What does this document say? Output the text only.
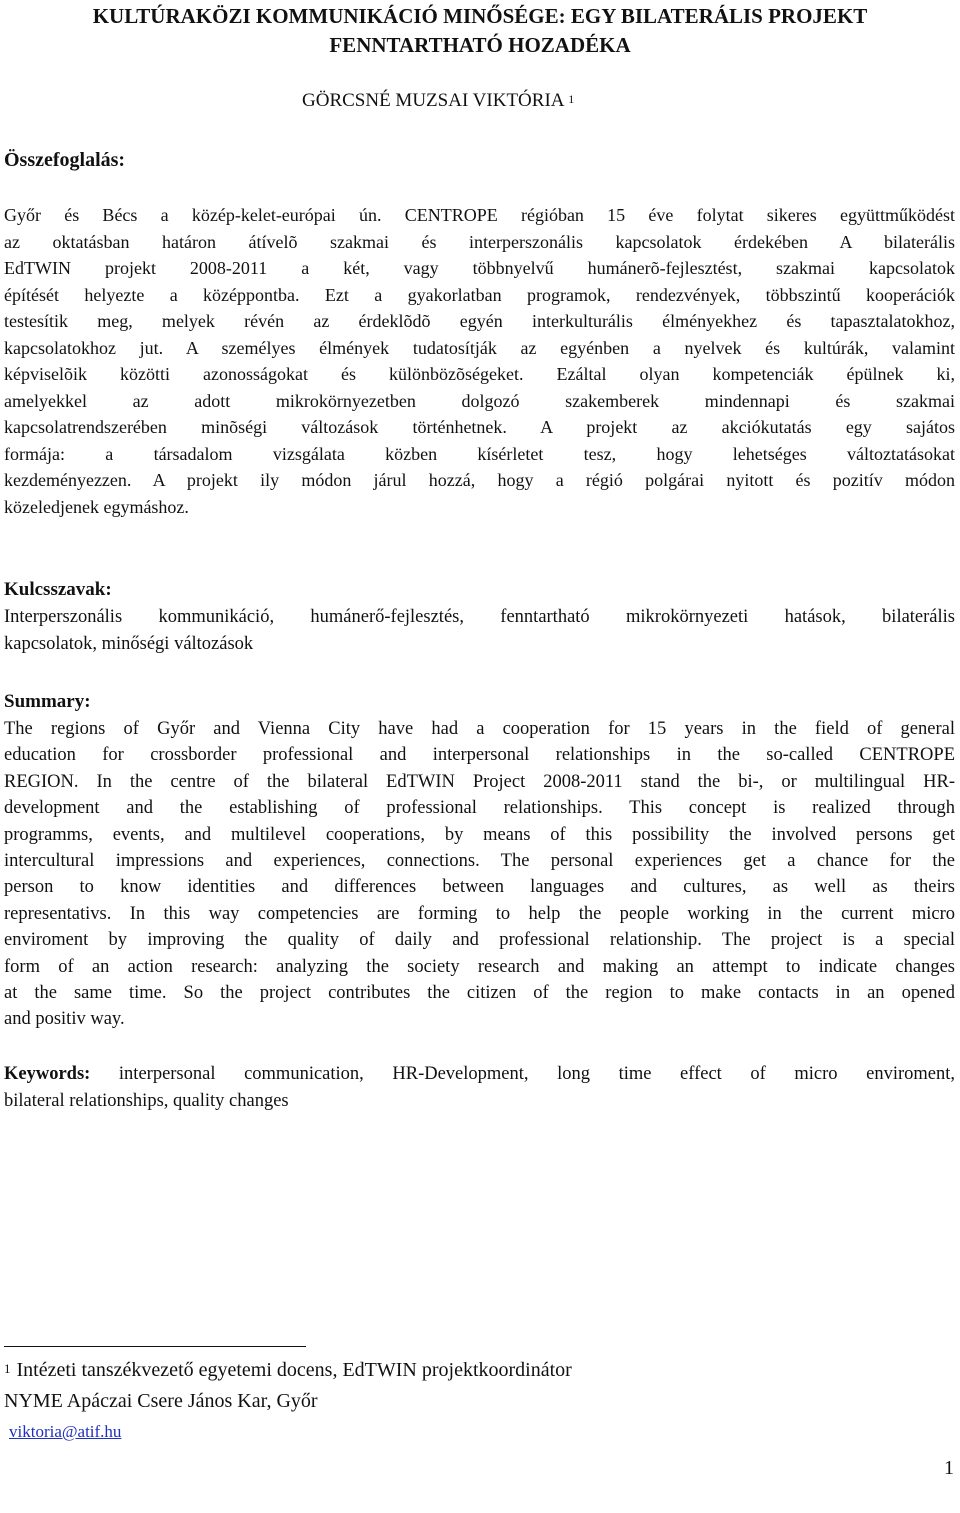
KULTÚRAKÖZI KOMMUNIKÁCIÓ MINŐSÉGE: EGY BILATERÁLIS PROJEKT
FENNTARTHATÓ HOZADÉKA
GÖRCSNÉ MUZSAI VIKTÓRIA $^1$
Összefoglalás:
Győr és Bécs a közép-kelet-európai ún. CENTROPE régióban 15 éve folytat sikeres együttműködést
az oktatásban határon átívelõ szakmai és interperszonális kapcsolatok érdekében A bilaterális
EdTWIN projekt 2008-2011 a két, vagy többnyelvű humánerõ-fejlesztést, szakmai kapcsolatok
építését helyezte a középpontba. Ezt a gyakorlatban programok, rendezvények, többszintű kooperációk
testesítik meg, melyek révén az érdeklõdõ egyén interkulturális élményekhez és tapasztalatokhoz,
kapcsolatokhoz jut. A személyes élmények tudatosítják az egyénben a nyelvek és kultúrák, valamint
képviselõik közötti azonosságokat és különbözõségeket. Ezáltal olyan kompetenciák épülnek ki,
amelyekkel az adott mikrokörnyezetben dolgozó szakemberek mindennapi és szakmai
kapcsolatrendszerében minõségi változások történhetnek. A projekt az akciókutatás egy sajátos
formája: a társadalom vizsgálata közben kísérletet tesz, hogy lehetséges változtatásokat
kezdeményezzen. A projekt ily módon járul hozzá, hogy a régió polgárai nyitott és pozitív módon
közeledjenek egymáshoz.
Kulcsszavak:
Interperszonális kommunikáció, humánerő-fejlesztés, fenntartható mikrokörnyezeti hatások, bilaterális
kapcsolatok, minőségi változások
Summary:
The regions of Győr and Vienna City have had a cooperation for 15 years in the field of general
education for crossborder professional and interpersonal relationships in the so-called CENTROPE
REGION. In the centre of the bilateral EdTWIN Project 2008-2011 stand the bi-, or multilingual HR-
development and the establishing of professional relationships. This concept is realized through
programms, events, and multilevel cooperations, by means of this possibility the involved persons get
intercultural impressions and experiences, connections. The personal experiences get a chance for the
person to know identities and differences between languages and cultures, as well as theirs
representativs. In this way competencies are forming to help the people working in the current micro
enviroment by improving the quality of daily and professional relationship. The project is a special
form of an action research: analyzing the society research and making an attempt to indicate changes
at the same time. So the project contributes the citizen of the region to make contacts in an opened
and positiv way.
Keywords: interpersonal communication, HR-Development, long time effect of micro enviroment,
bilateral relationships, quality changes
$^1$ Intézeti tanszékvezető egyetemi docens, EdTWIN projektkoordinátor
NYME Apáczai Csere János Kar, Győr
viktoria@atif.hu
1
